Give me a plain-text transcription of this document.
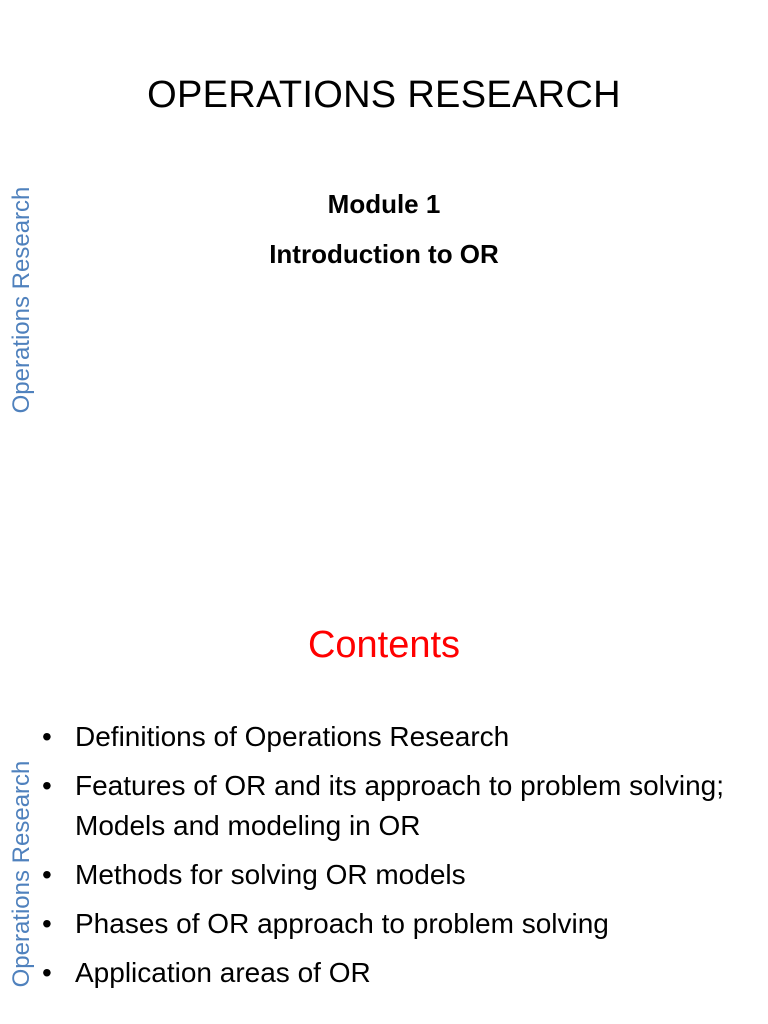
Operations Research
OPERATIONS RESEARCH
Module 1
Introduction to OR
Operations Research
Contents
• Definitions of Operations Research
• Features of OR and its approach to problem solving; Models and modeling in OR
• Methods for solving OR models
• Phases of OR approach to problem solving
• Application areas of OR
